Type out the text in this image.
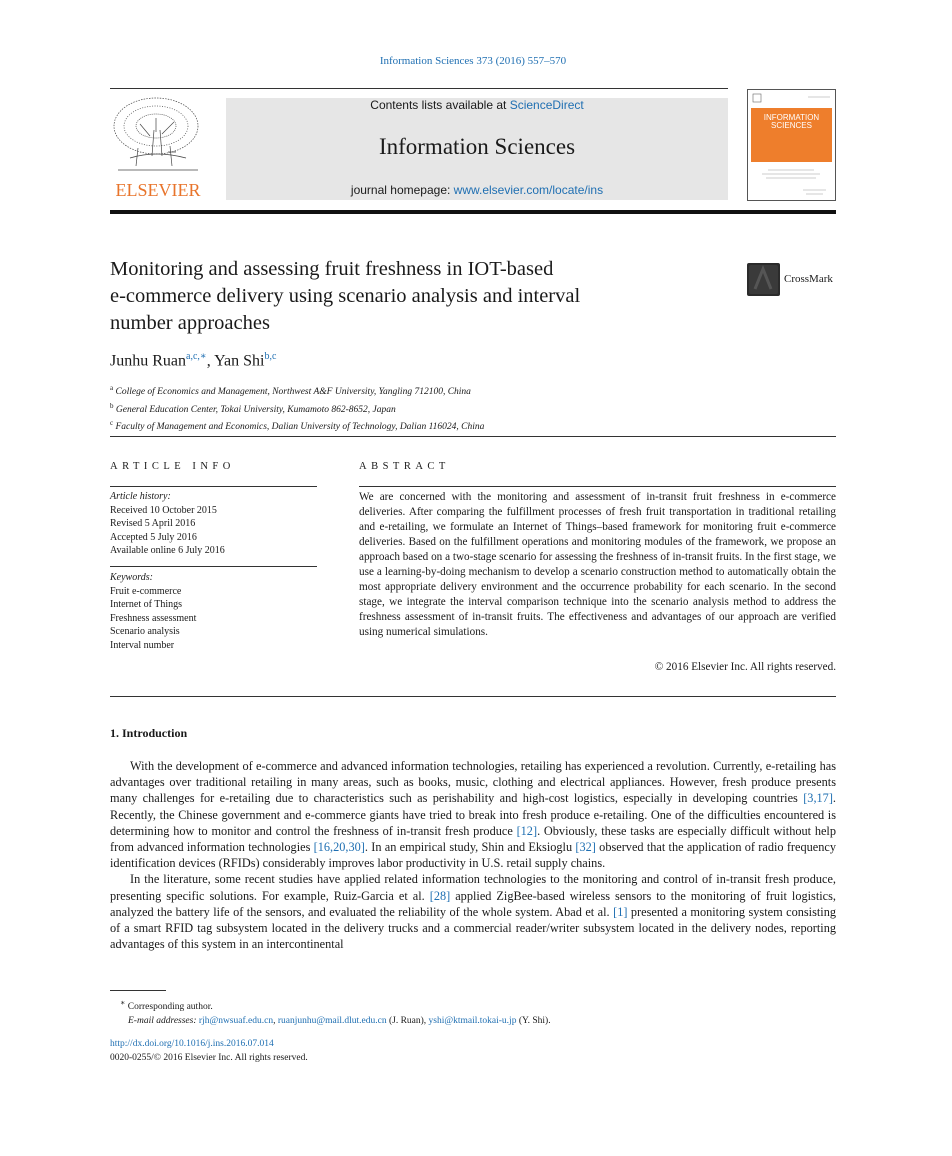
Information Sciences 373 (2016) 557–570
ELSEVIER
Contents lists available at ScienceDirect
Information Sciences
journal homepage: www.elsevier.com/locate/ins
INFORMATION SCIENCES
Monitoring and assessing fruit freshness in IOT-based
e-commerce delivery using scenario analysis and interval
number approaches
CrossMark
Junhu Ruan$^{a,c,∗}$, Yan Shi$^{b,c}$
$^a$ College of Economics and Management, Northwest A&F University, Yangling 712100, China
$^b$ General Education Center, Tokai University, Kumamoto 862-8652, Japan
$^c$ Faculty of Management and Economics, Dalian University of Technology, Dalian 116024, China
ARTICLE INFO
Article history:
Received 10 October 2015
Revised 5 April 2016
Accepted 5 July 2016
Available online 6 July 2016
Keywords:
Fruit e-commerce
Internet of Things
Freshness assessment
Scenario analysis
Interval number
ABSTRACT
We are concerned with the monitoring and assessment of in-transit fruit freshness in e-commerce deliveries. After comparing the fulfillment processes of fresh fruit transportation in traditional retailing and e-retailing, we formulate an Internet of Things–based framework for monitoring fruit e-commerce deliveries. Based on the fulfillment operations and monitoring modules of the framework, we propose an approach based on a two-stage scenario for assessing the freshness of in-transit fruits. In the first stage, we use a learning-by-doing mechanism to develop a scenario construction method to automatically obtain the most appropriate delivery environment and the occurrence probability for each scenario. In the second stage, we integrate the interval comparison technique into the scenario analysis method to address the freshness assessment of in-transit fruits. The effectiveness and advantages of our approach are verified using numerical simulations.
© 2016 Elsevier Inc. All rights reserved.
1. Introduction

With the development of e-commerce and advanced information technologies, retailing has experienced a revolution. Currently, e-retailing has advantages over traditional retailing in many areas, such as books, music, clothing and electrical appliances. However, fresh produce presents many challenges for e-retailing due to characteristics such as perishability and high-cost logistics, especially in developing countries [3,17]. Recently, the Chinese government and e-commerce giants have tried to break into fresh produce e-retailing. One of the difficulties encountered is determining how to monitor and control the freshness of in-transit fresh produce [12]. Obviously, these tasks are especially difficult without help from advanced information technologies [16,20,30]. In an empirical study, Shin and Eksioglu [32] observed that the application of radio frequency identification devices (RFIDs) considerably improves labor productivity in U.S. retail supply chains.

In the literature, some recent studies have applied related information technologies to the monitoring and control of in-transit fresh produce, presenting specific solutions. For example, Ruiz-Garcia et al. [28] applied ZigBee-based wireless sensors to the monitoring of fruit logistics, analyzed the battery life of the sensors, and evaluated the reliability of the whole system. Abad et al. [1] presented a monitoring system consisting of a smart RFID tag subsystem located in the delivery trucks and a commercial reader/writer subsystem located in the delivery nodes, reporting advantages of this system in an intercontinental

∗ Corresponding author.
E-mail addresses: rjh@nwsuaf.edu.cn, ruanjunhu@mail.dlut.edu.cn (J. Ruan), yshi@ktmail.tokai-u.jp (Y. Shi).
http://dx.doi.org/10.1016/j.ins.2016.07.014
0020-0255/© 2016 Elsevier Inc. All rights reserved.
